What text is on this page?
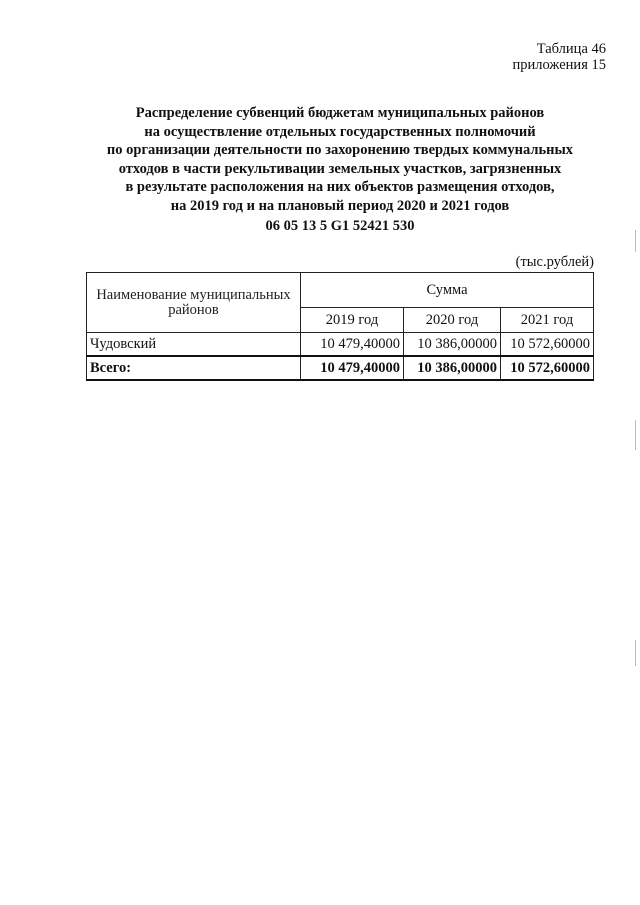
Таблица 46
приложения 15
Распределение субвенций бюджетам муниципальных районов
на осуществление отдельных государственных полномочий
по организации деятельности по захоронению твердых коммунальных
отходов в части рекультивации земельных участков, загрязненных
в результате расположения на них объектов размещения отходов,
на 2019 год и на плановый период 2020 и 2021 годов
06 05 13 5 G1 52421 530
(тыс.рублей)
Наименование муниципальных районов	Сумма		
	2019 год	2020 год	2021 год
Чудовский	10 479,40000	10 386,00000	10 572,60000
Всего:	10 479,40000	10 386,00000	10 572,60000
